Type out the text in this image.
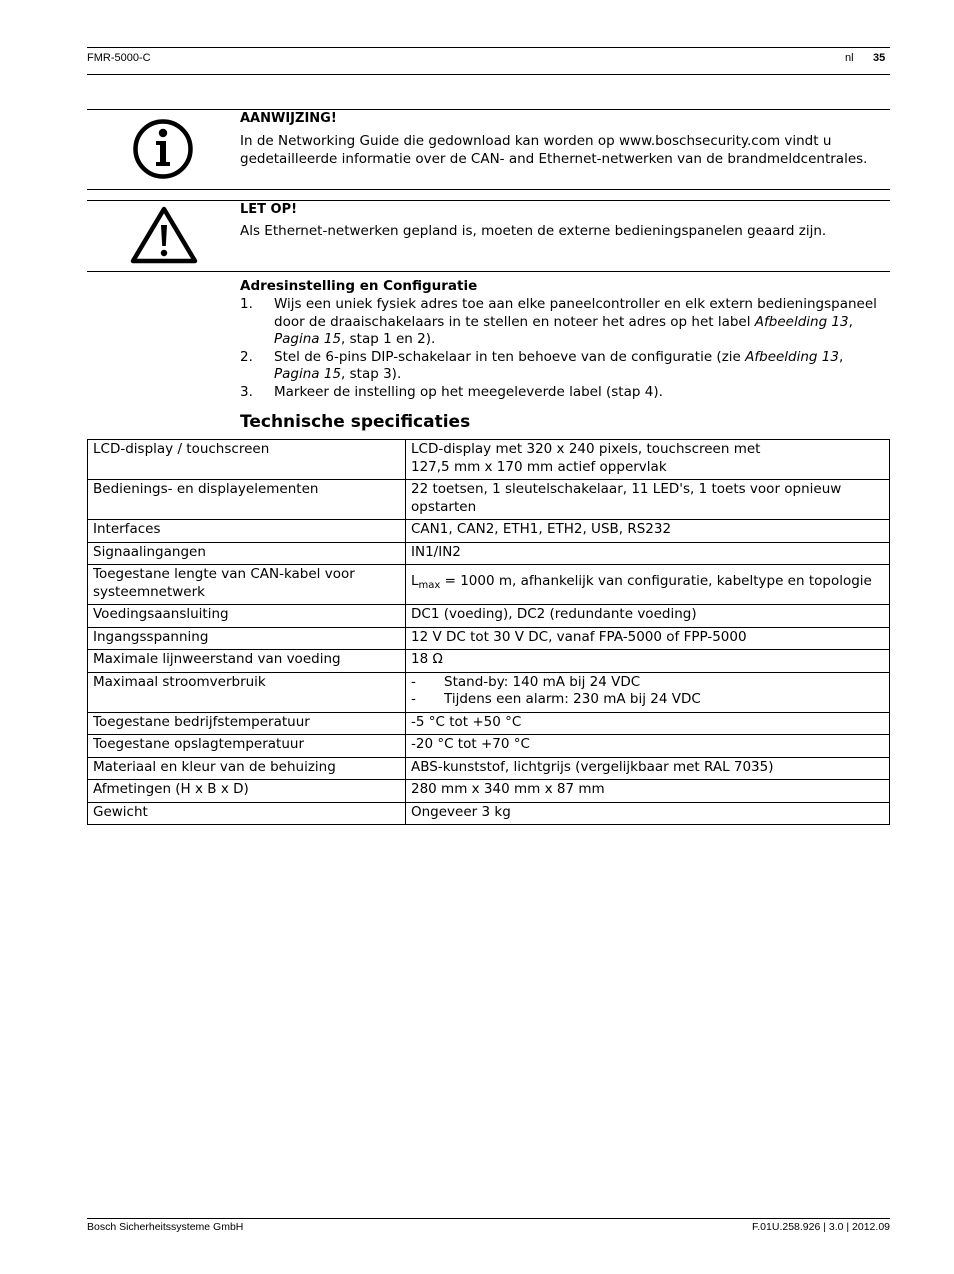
FMR-5000-C	nl 35
AANWIJZING!
In de Networking Guide die gedownload kan worden op www.boschsecurity.com vindt u gedetailleerde informatie over de CAN- and Ethernet-netwerken van de brandmeldcentrales.
LET OP!
Als Ethernet-netwerken gepland is, moeten de externe bedieningspanelen geaard zijn.
Adresinstelling en Configuratie
1. Wijs een uniek fysiek adres toe aan elke paneelcontroller en elk extern bedieningspaneel door de draaischakelaars in te stellen en noteer het adres op het label Afbeelding 13, Pagina 15, stap 1 en 2).
2. Stel de 6-pins DIP-schakelaar in ten behoeve van de configuratie (zie Afbeelding 13, Pagina 15, stap 3).
3. Markeer de instelling op het meegeleverde label (stap 4).
Technische specificaties
LCD-display / touchscreen	LCD-display met 320 x 240 pixels, touchscreen met
127,5 mm x 170 mm actief oppervlak
Bedienings- en displayelementen	22 toetsen, 1 sleutelschakelaar, 11 LED's, 1 toets voor opnieuw opstarten
Interfaces	CAN1, CAN2, ETH1, ETH2, USB, RS232
Signaalingangen	IN1/IN2
Toegestane lengte van CAN-kabel voor
systeemnetwerk	$L_{max} = 1000$ m, afhankelijk van configuratie, kabeltype en topologie
Voedingsaansluiting	DC1 (voeding), DC2 (redundante voeding)
Ingangsspanning	12 V DC tot 30 V DC, vanaf FPA-5000 of FPP-5000
Maximale lijnweerstand van voeding	18 Ω
Maximaal stroomverbruik	- Stand-by: 140 mA bij 24 VDC
- Tijdens een alarm: 230 mA bij 24 VDC
Toegestane bedrijfstemperatuur	-5 °C tot +50 °C
Toegestane opslagtemperatuur	-20 °C tot +70 °C
Materiaal en kleur van de behuizing	ABS-kunststof, lichtgrijs (vergelijkbaar met RAL 7035)
Afmetingen (H x B x D)	280 mm x 340 mm x 87 mm
Gewicht	Ongeveer 3 kg
Bosch Sicherheitssysteme GmbH	F.01U.258.926 | 3.0 | 2012.09
